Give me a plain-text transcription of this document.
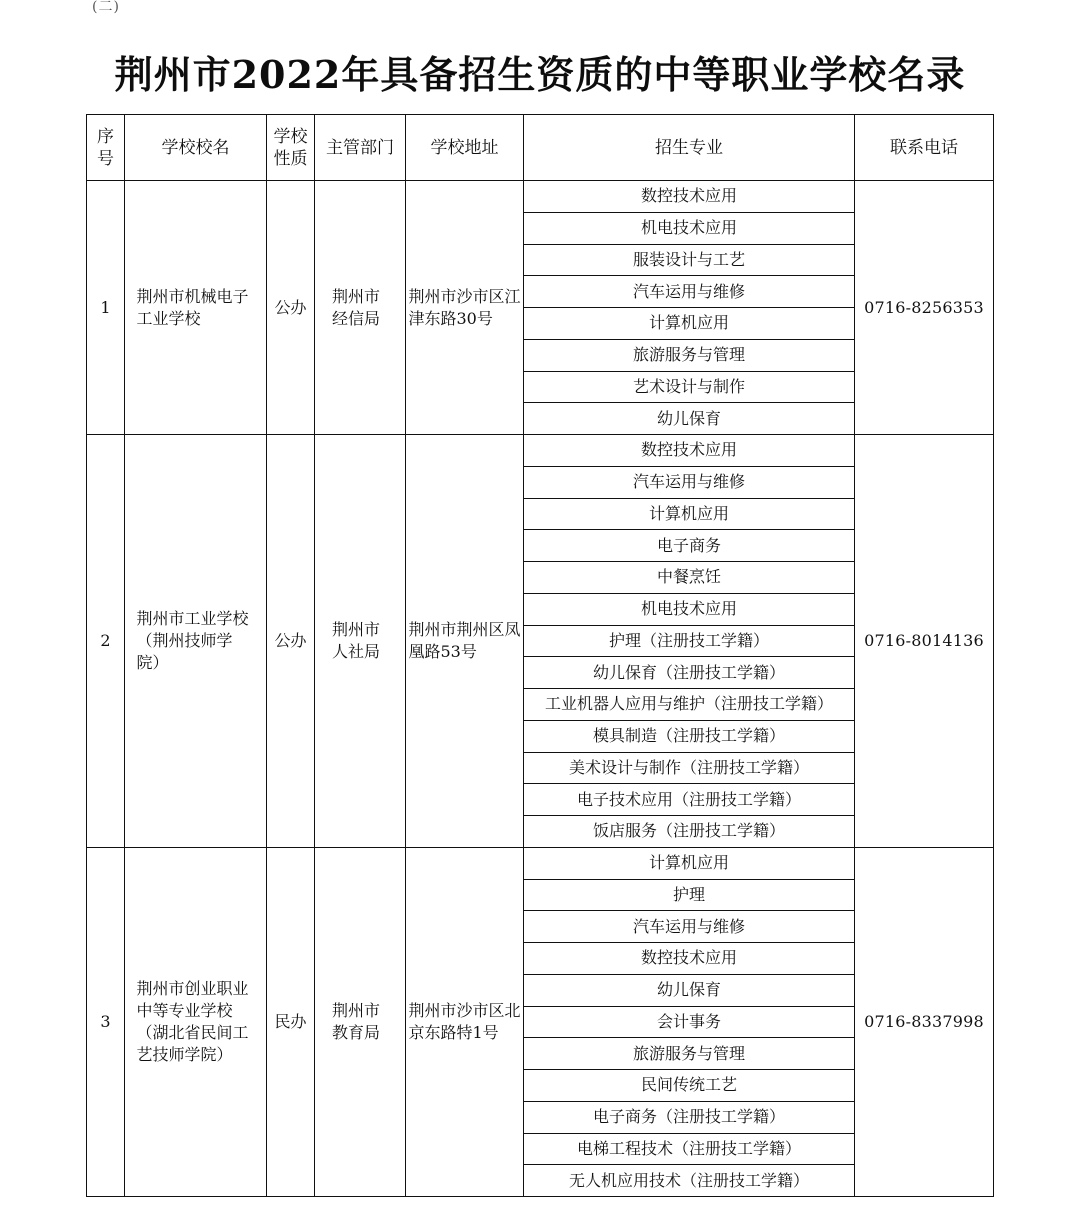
(二)
荆州市2022年具备招生资质的中等职业学校名录
序号	学校校名	学校性质	主管部门	学校地址	招生专业	联系电话
1	荆州市机械电子工业学校	公办	荆州市经信局	荆州市沙市区江津东路30号	数控技术应用	0716-8256353
					机电技术应用	
					服装设计与工艺	
					汽车运用与维修	
					计算机应用	
					旅游服务与管理	
					艺术设计与制作	
					幼儿保育	
2	荆州市工业学校（荆州技师学院）	公办	荆州市人社局	荆州市荆州区凤凰路53号	数控技术应用	0716-8014136
					汽车运用与维修	
					计算机应用	
					电子商务	
					中餐烹饪	
					机电技术应用	
					护理（注册技工学籍）	
					幼儿保育（注册技工学籍）	
					工业机器人应用与维护（注册技工学籍）	
					模具制造（注册技工学籍）	
					美术设计与制作（注册技工学籍）	
					电子技术应用（注册技工学籍）	
					饭店服务（注册技工学籍）	
3	荆州市创业职业中等专业学校（湖北省民间工艺技师学院）	民办	荆州市教育局	荆州市沙市区北京东路特1号	计算机应用	0716-8337998
					护理	
					汽车运用与维修	
					数控技术应用	
					幼儿保育	
					会计事务	
					旅游服务与管理	
					民间传统工艺	
					电子商务（注册技工学籍）	
					电梯工程技术（注册技工学籍）	
					无人机应用技术（注册技工学籍）	
